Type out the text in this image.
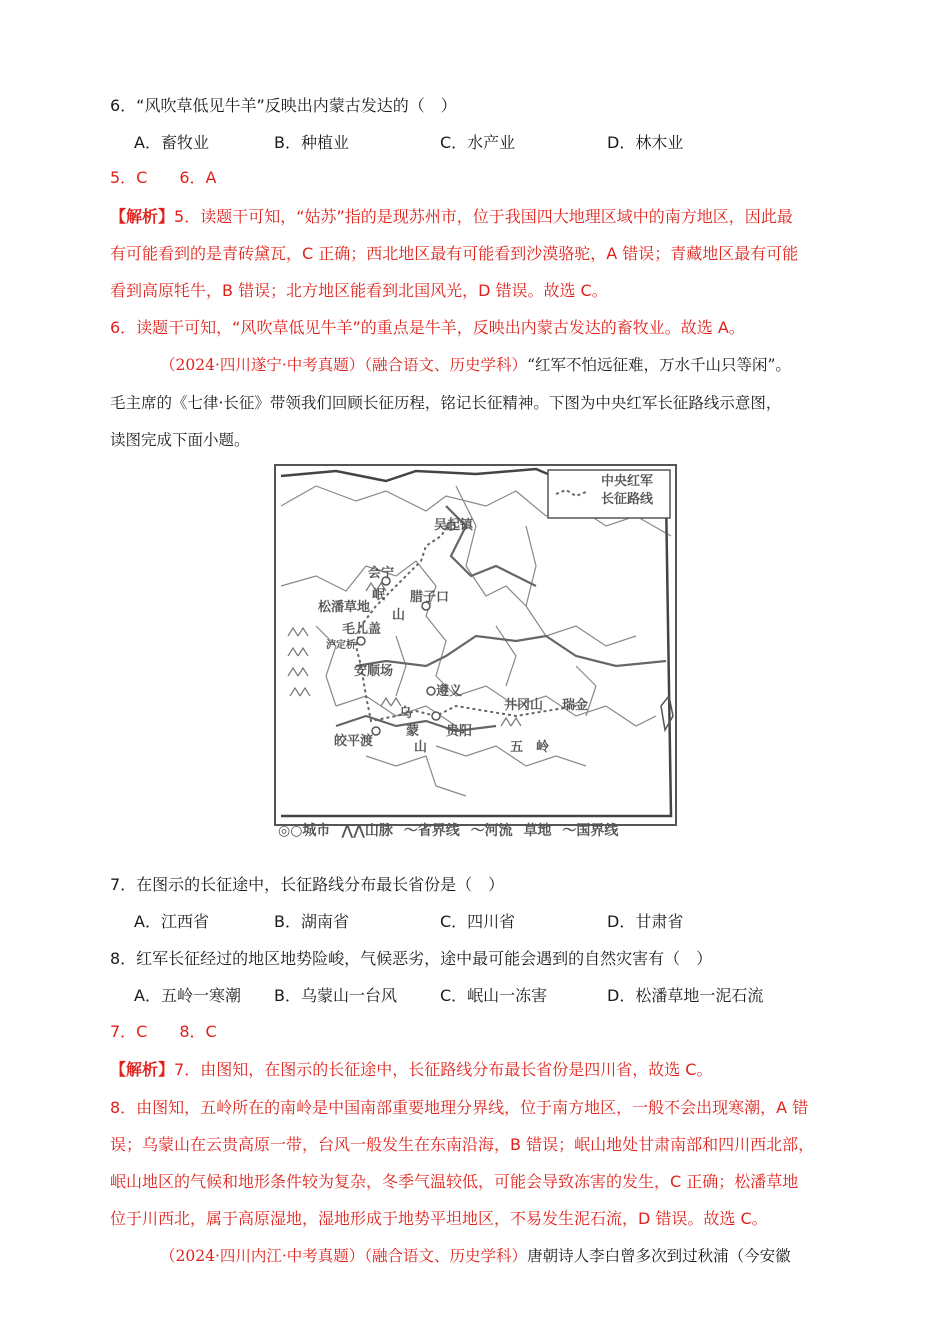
6．“风吹草低见牛羊”反映出内蒙古发达的（　）
A．畜牧业	B．种植业	C．水产业	D．林木业
5．C　　6．A
【解析】5．读题干可知，“姑苏”指的是现苏州市，位于我国四大地理区域中的南方地区，因此最
有可能看到的是青砖黛瓦，C 正确；西北地区最有可能看到沙漠骆驼，A 错误；青藏地区最有可能
看到高原牦牛，B 错误；北方地区能看到北国风光，D 错误。故选 C。
6．读题干可知，“风吹草低见牛羊”的重点是牛羊，反映出内蒙古发达的畜牧业。故选 A。
（2024·四川遂宁·中考真题）（融合语文、历史学科）“红军不怕远征难，万水千山只等闲”。
毛主席的《七律·长征》带领我们回顾长征历程，铭记长征精神。下图为中央红军长征路线示意图，
读图完成下面小题。
中央红军
长征路线
吴起镇
会宁
岷
山
腊子口
松潘草地
毛儿盖
泸定桥
安顺场
遵义
乌
蒙
山
贵阳
皎平渡
井冈山 瑞金
五　岭
◎○城市 ⋀⋀山脉 〜省界线 〜河流 草地 〜国界线
7．在图示的长征途中，长征路线分布最长省份是（　）
A．江西省	B．湖南省	C．四川省	D．甘肃省
8．红军长征经过的地区地势险峻，气候恶劣，途中最可能会遇到的自然灾害有（　）
A．五岭一寒潮 B．乌蒙山一台风	C．岷山一冻害	D．松潘草地一泥石流
7．C　　8．C
【解析】7．由图知，在图示的长征途中，长征路线分布最长省份是四川省，故选 C。
8．由图知，五岭所在的南岭是中国南部重要地理分界线，位于南方地区，一般不会出现寒潮，A 错
误；乌蒙山在云贵高原一带，台风一般发生在东南沿海，B 错误；岷山地处甘肃南部和四川西北部，
岷山地区的气候和地形条件较为复杂，冬季气温较低，可能会导致冻害的发生，C 正确；松潘草地
位于川西北，属于高原湿地，湿地形成于地势平坦地区，不易发生泥石流，D 错误。故选 C。
（2024·四川内江·中考真题）（融合语文、历史学科）唐朝诗人李白曾多次到过秋浦（今安徽
